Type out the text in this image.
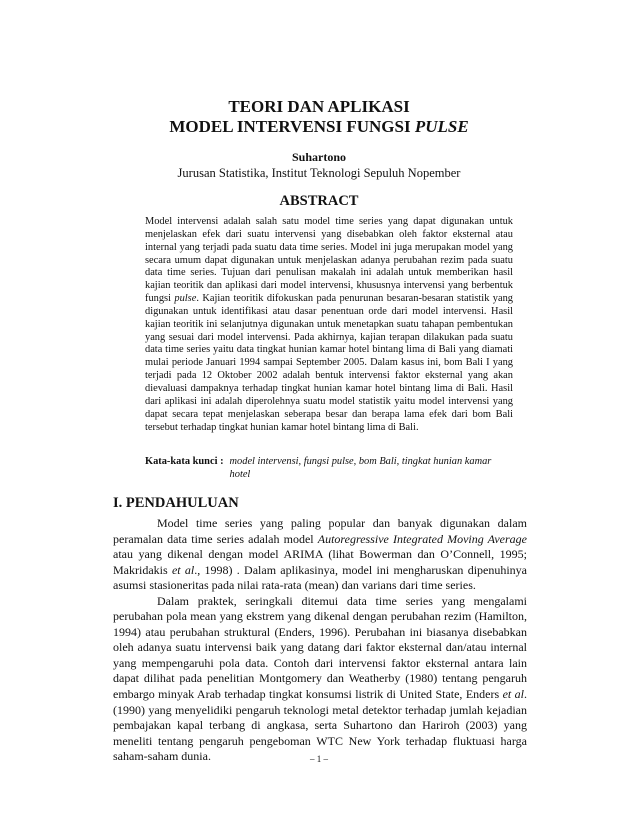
TEORI DAN APLIKASI
MODEL INTERVENSI FUNGSI PULSE
Suhartono
Jurusan Statistika, Institut Teknologi Sepuluh Nopember
ABSTRACT
Model intervensi adalah salah satu model time series yang dapat digunakan untuk menjelaskan efek dari suatu intervensi yang disebabkan oleh faktor eksternal atau internal yang terjadi pada suatu data time series. Model ini juga merupakan model yang secara umum dapat digunakan untuk menjelaskan adanya perubahan rezim pada suatu data time series. Tujuan dari penulisan makalah ini adalah untuk memberikan hasil kajian teoritik dan aplikasi dari model intervensi, khususnya intervensi yang berbentuk fungsi pulse. Kajian teoritik difokuskan pada penurunan besaran-besaran statistik yang digunakan untuk identifikasi atau dasar penentuan orde dari model intervensi. Hasil kajian teoritik ini selanjutnya digunakan untuk menetapkan suatu tahapan pembentukan yang sesuai dari model intervensi. Pada akhirnya, kajian terapan dilakukan pada suatu data time series yaitu data tingkat hunian kamar hotel bintang lima di Bali yang diamati mulai periode Januari 1994 sampai September 2005. Dalam kasus ini, bom Bali I yang terjadi pada 12 Oktober 2002 adalah bentuk intervensi faktor eksternal yang akan dievaluasi dampaknya terhadap tingkat hunian kamar hotel bintang lima di Bali. Hasil dari aplikasi ini adalah diperolehnya suatu model statistik yaitu model intervensi yang dapat secara tepat menjelaskan seberapa besar dan berapa lama efek dari bom Bali tersebut terhadap tingkat hunian kamar hotel bintang lima di Bali.
Kata-kata kunci : model intervensi, fungsi pulse, bom Bali, tingkat hunian kamar hotel
I. PENDAHULUAN

Model time series yang paling popular dan banyak digunakan dalam peramalan data time series adalah model Autoregressive Integrated Moving Average atau yang dikenal dengan model ARIMA (lihat Bowerman dan O’Connell, 1995; Makridakis et al., 1998) . Dalam aplikasinya, model ini mengharuskan dipenuhinya asumsi stasioneritas pada nilai rata-rata (mean) dan varians dari time series.

Dalam praktek, seringkali ditemui data time series yang mengalami perubahan pola mean yang ekstrem yang dikenal dengan perubahan rezim (Hamilton, 1994) atau perubahan struktural (Enders, 1996). Perubahan ini biasanya disebabkan oleh adanya suatu intervensi baik yang datang dari faktor eksternal dan/atau internal yang mempengaruhi pola data. Contoh dari intervensi faktor eksternal antara lain dapat dilihat pada penelitian Montgomery dan Weatherby (1980) tentang pengaruh embargo minyak Arab terhadap tingkat konsumsi listrik di United State, Enders et al. (1990) yang menyelidiki pengaruh teknologi metal detektor terhadap jumlah kejadian pembajakan kapal terbang di angkasa, serta Suhartono dan Hariroh (2003) yang meneliti tentang pengaruh pengeboman WTC New York terhadap fluktuasi harga saham-saham dunia.	– 1 –
